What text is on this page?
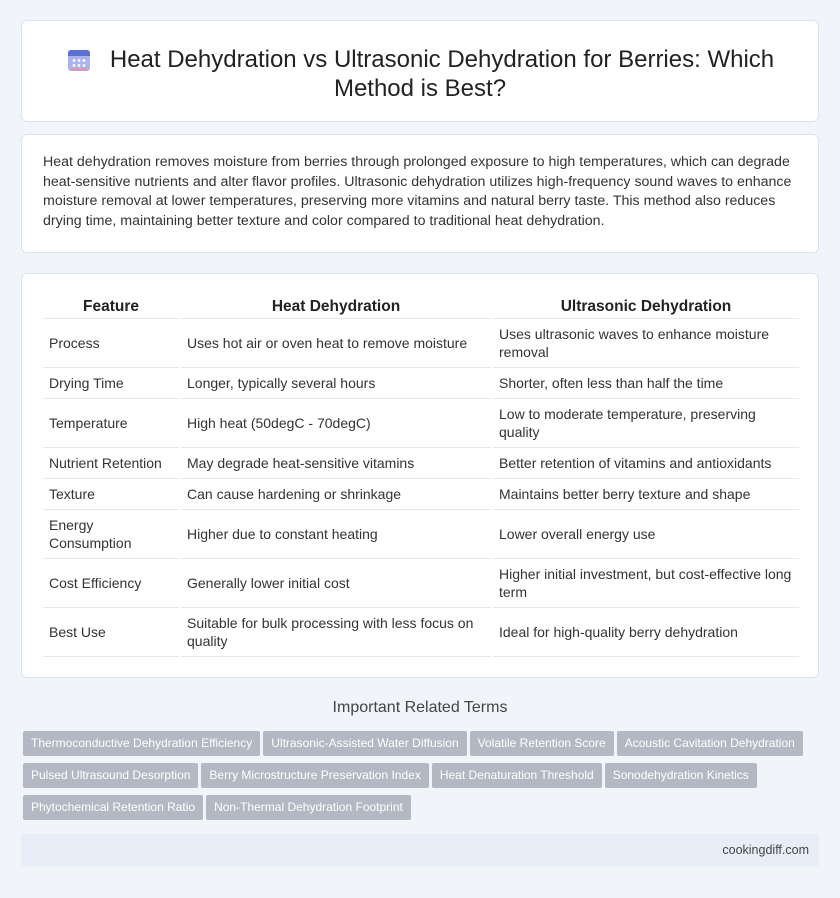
Heat Dehydration vs Ultrasonic Dehydration for Berries: Which Method is Best?

Heat dehydration removes moisture from berries through prolonged exposure to high temperatures, which can degrade heat-sensitive nutrients and alter flavor profiles. Ultrasonic dehydration utilizes high-frequency sound waves to enhance moisture removal at lower temperatures, preserving more vitamins and natural berry taste. This method also reduces drying time, maintaining better texture and color compared to traditional heat dehydration.

Feature	Heat Dehydration	Ultrasonic Dehydration
Process	Uses hot air or oven heat to remove moisture	Uses ultrasonic waves to enhance moisture removal
Drying Time	Longer, typically several hours	Shorter, often less than half the time
Temperature	High heat (50degC - 70degC)	Low to moderate temperature, preserving quality
Nutrient Retention	May degrade heat-sensitive vitamins	Better retention of vitamins and antioxidants
Texture	Can cause hardening or shrinkage	Maintains better berry texture and shape
Energy Consumption	Higher due to constant heating	Lower overall energy use
Cost Efficiency	Generally lower initial cost	Higher initial investment, but cost-effective long term
Best Use	Suitable for bulk processing with less focus on quality	Ideal for high-quality berry dehydration
Important Related Terms
Thermoconductive Dehydration Efficiency Ultrasonic-Assisted Water Diffusion Volatile Retention Score Acoustic Cavitation Dehydration
Pulsed Ultrasound Desorption Berry Microstructure Preservation Index Heat Denaturation Threshold Sonodehydration Kinetics
Phytochemical Retention Ratio Non-Thermal Dehydration Footprint
cookingdiff.com
